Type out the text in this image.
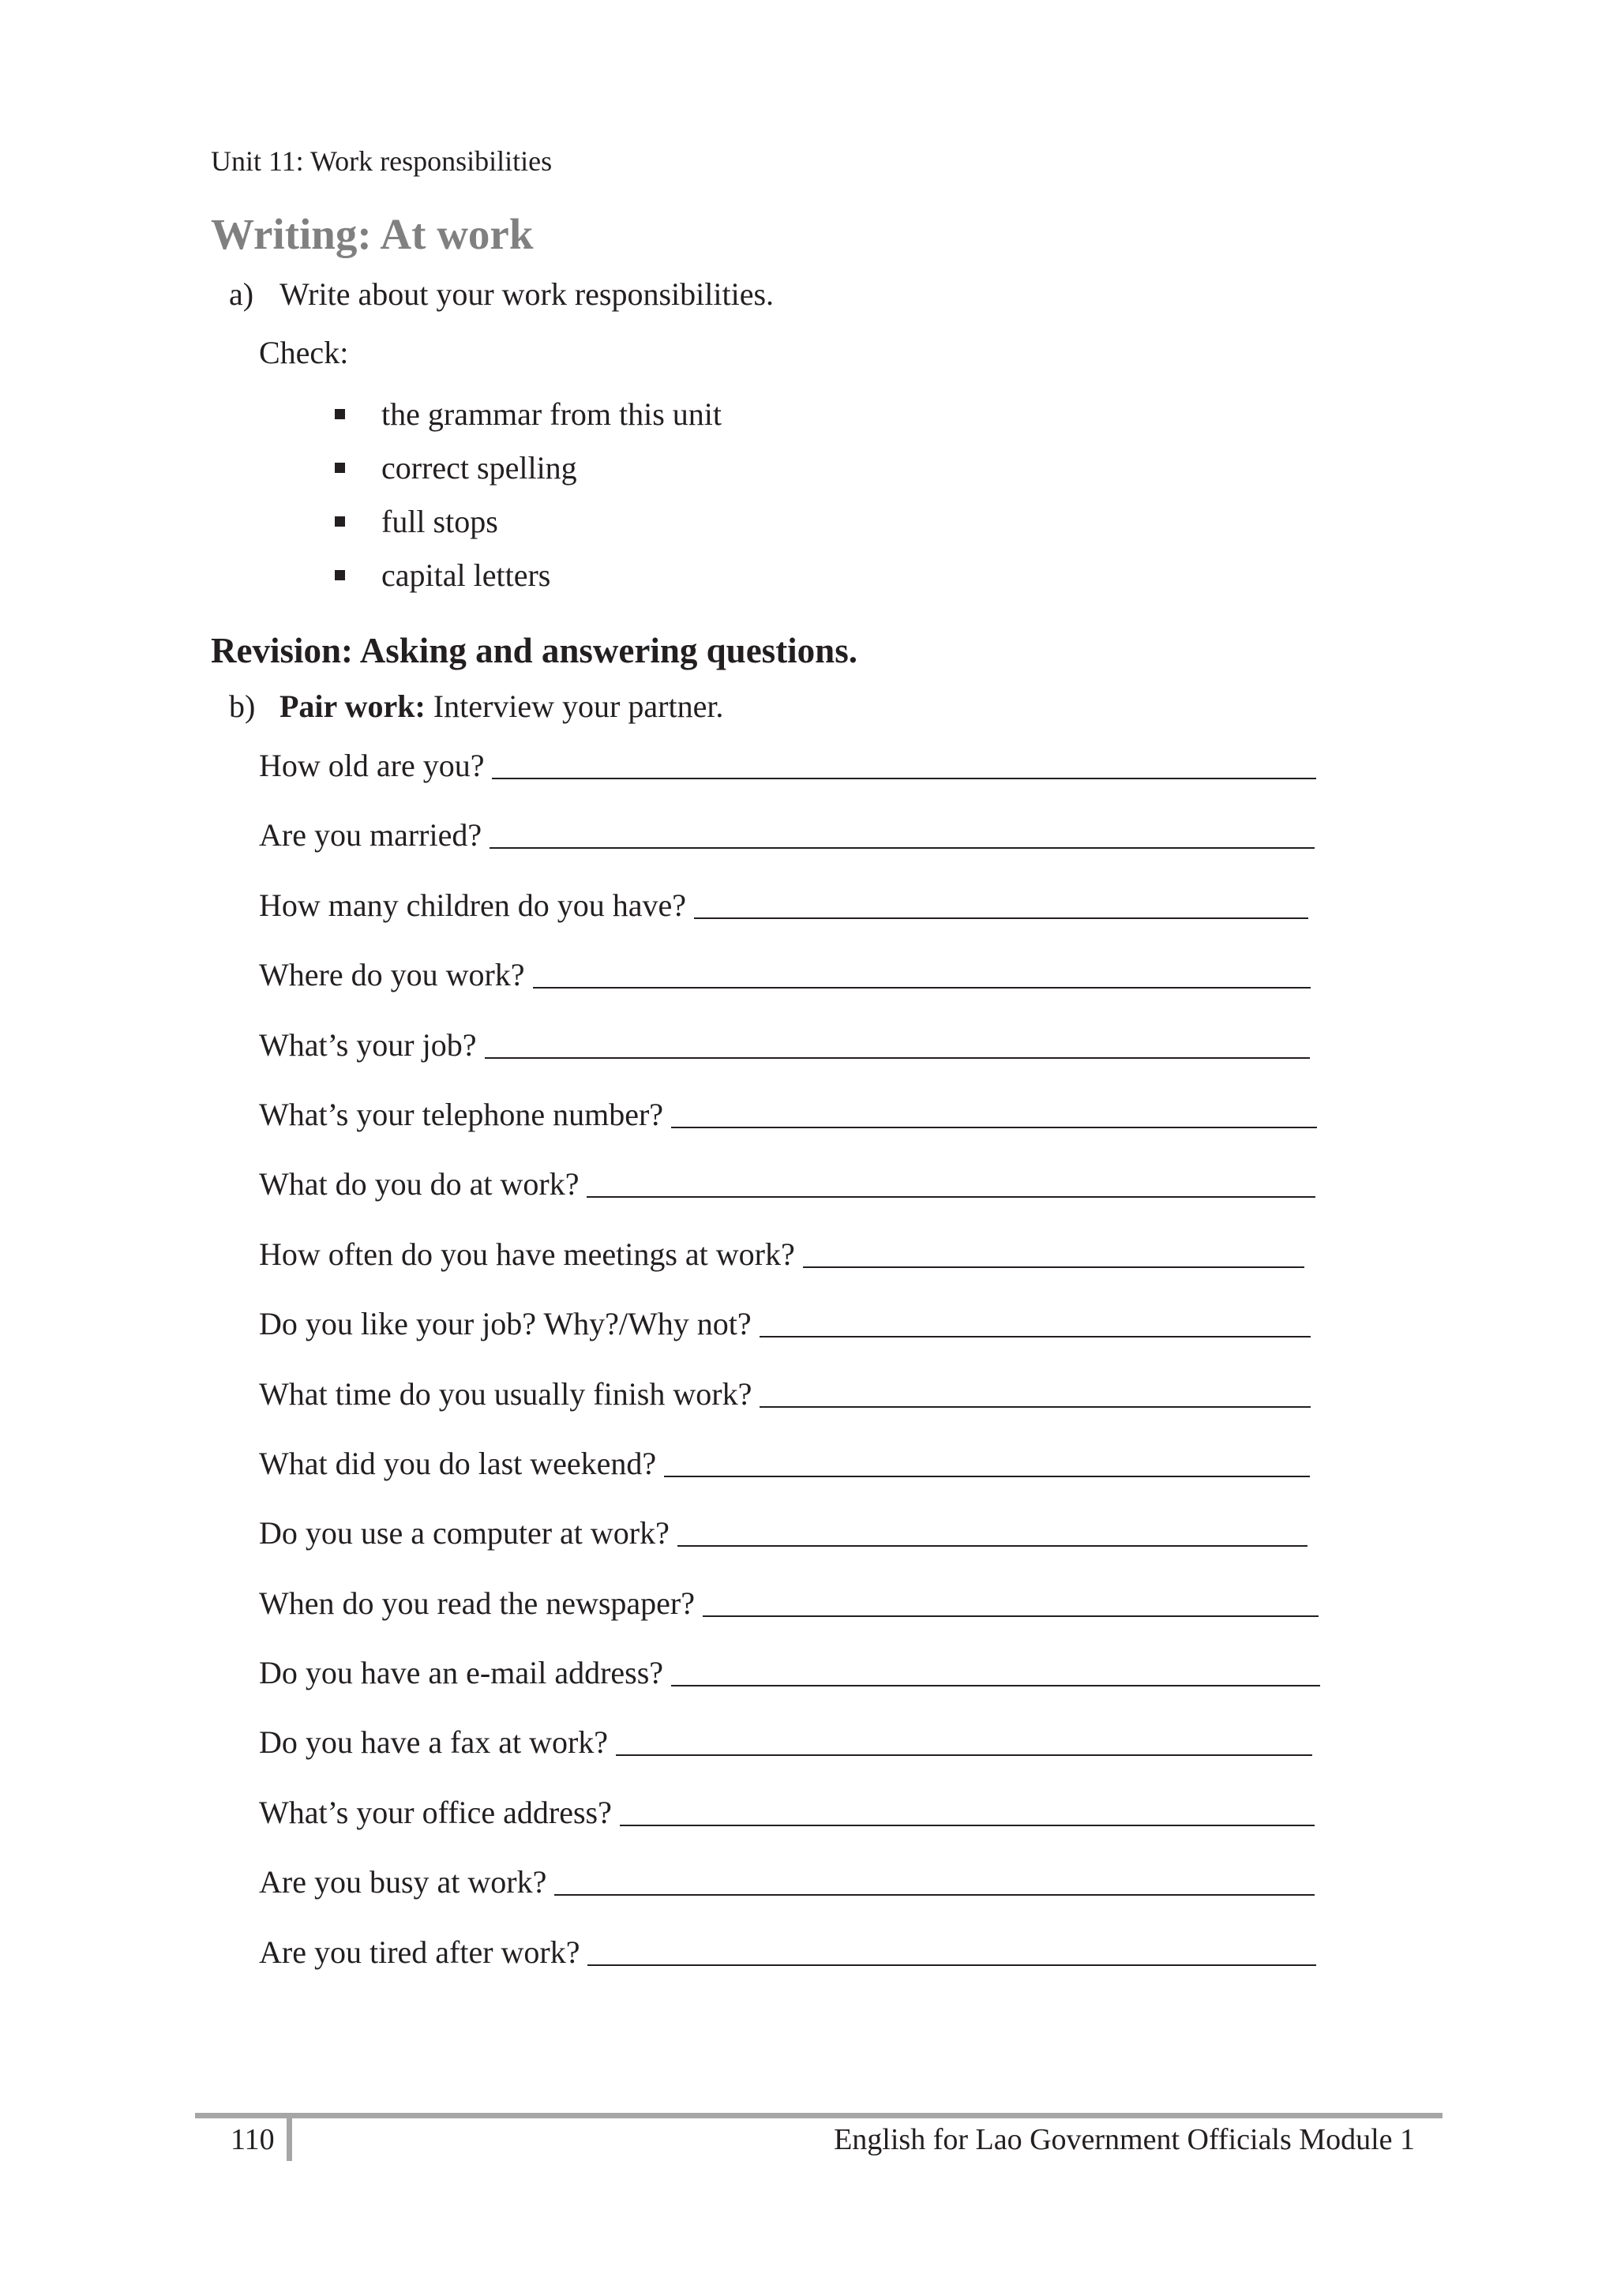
Unit 11: Work responsibilities
Writing: At work
a) Write about your work responsibilities.
Check:
the grammar from this unit
correct spelling
full stops
capital letters
Revision: Asking and answering questions.
b) Pair work: Interview your partner.
How old are you?
Are you married?
How many children do you have?
Where do you work?
What’s your job?
What’s your telephone number?
What do you do at work?
How often do you have meetings at work?
Do you like your job? Why?/Why not?
What time do you usually finish work?
What did you do last weekend?
Do you use a computer at work?
When do you read the newspaper?
Do you have an e-mail address?
Do you have a fax at work?
What’s your office address?
Are you busy at work?
Are you tired after work?
110	English for Lao Government Officials Module 1
